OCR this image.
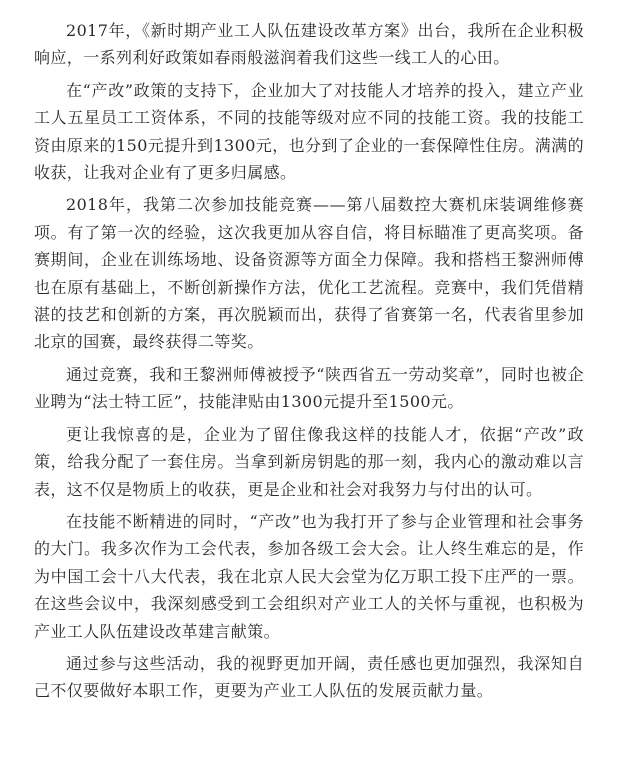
2017年，《新时期产业工人队伍建设改革方案》出台，我所在企业积极响应，一系列利好政策如春雨般滋润着我们这些一线工人的心田。

在“产改”政策的支持下，企业加大了对技能人才培养的投入，建立产业工人五星员工工资体系，不同的技能等级对应不同的技能工资。我的技能工资由原来的150元提升到1300元，也分到了企业的一套保障性住房。满满的收获，让我对企业有了更多归属感。

2018年，我第二次参加技能竞赛——第八届数控大赛机床装调维修赛项。有了第一次的经验，这次我更加从容自信，将目标瞄准了更高奖项。备赛期间，企业在训练场地、设备资源等方面全力保障。我和搭档王黎洲师傅也在原有基础上，不断创新操作方法，优化工艺流程。竞赛中，我们凭借精湛的技艺和创新的方案，再次脱颖而出，获得了省赛第一名，代表省里参加北京的国赛，最终获得二等奖。

通过竞赛，我和王黎洲师傅被授予“陕西省五一劳动奖章”，同时也被企业聘为“法士特工匠”，技能津贴由1300元提升至1500元。

更让我惊喜的是，企业为了留住像我这样的技能人才，依据“产改”政策，给我分配了一套住房。当拿到新房钥匙的那一刻，我内心的激动难以言表，这不仅是物质上的收获，更是企业和社会对我努力与付出的认可。

在技能不断精进的同时，“产改”也为我打开了参与企业管理和社会事务的大门。我多次作为工会代表，参加各级工会大会。让人终生难忘的是，作为中国工会十八大代表，我在北京人民大会堂为亿万职工投下庄严的一票。在这些会议中，我深刻感受到工会组织对产业工人的关怀与重视，也积极为产业工人队伍建设改革建言献策。

通过参与这些活动，我的视野更加开阔，责任感也更加强烈，我深知自己不仅要做好本职工作，更要为产业工人队伍的发展贡献力量。
